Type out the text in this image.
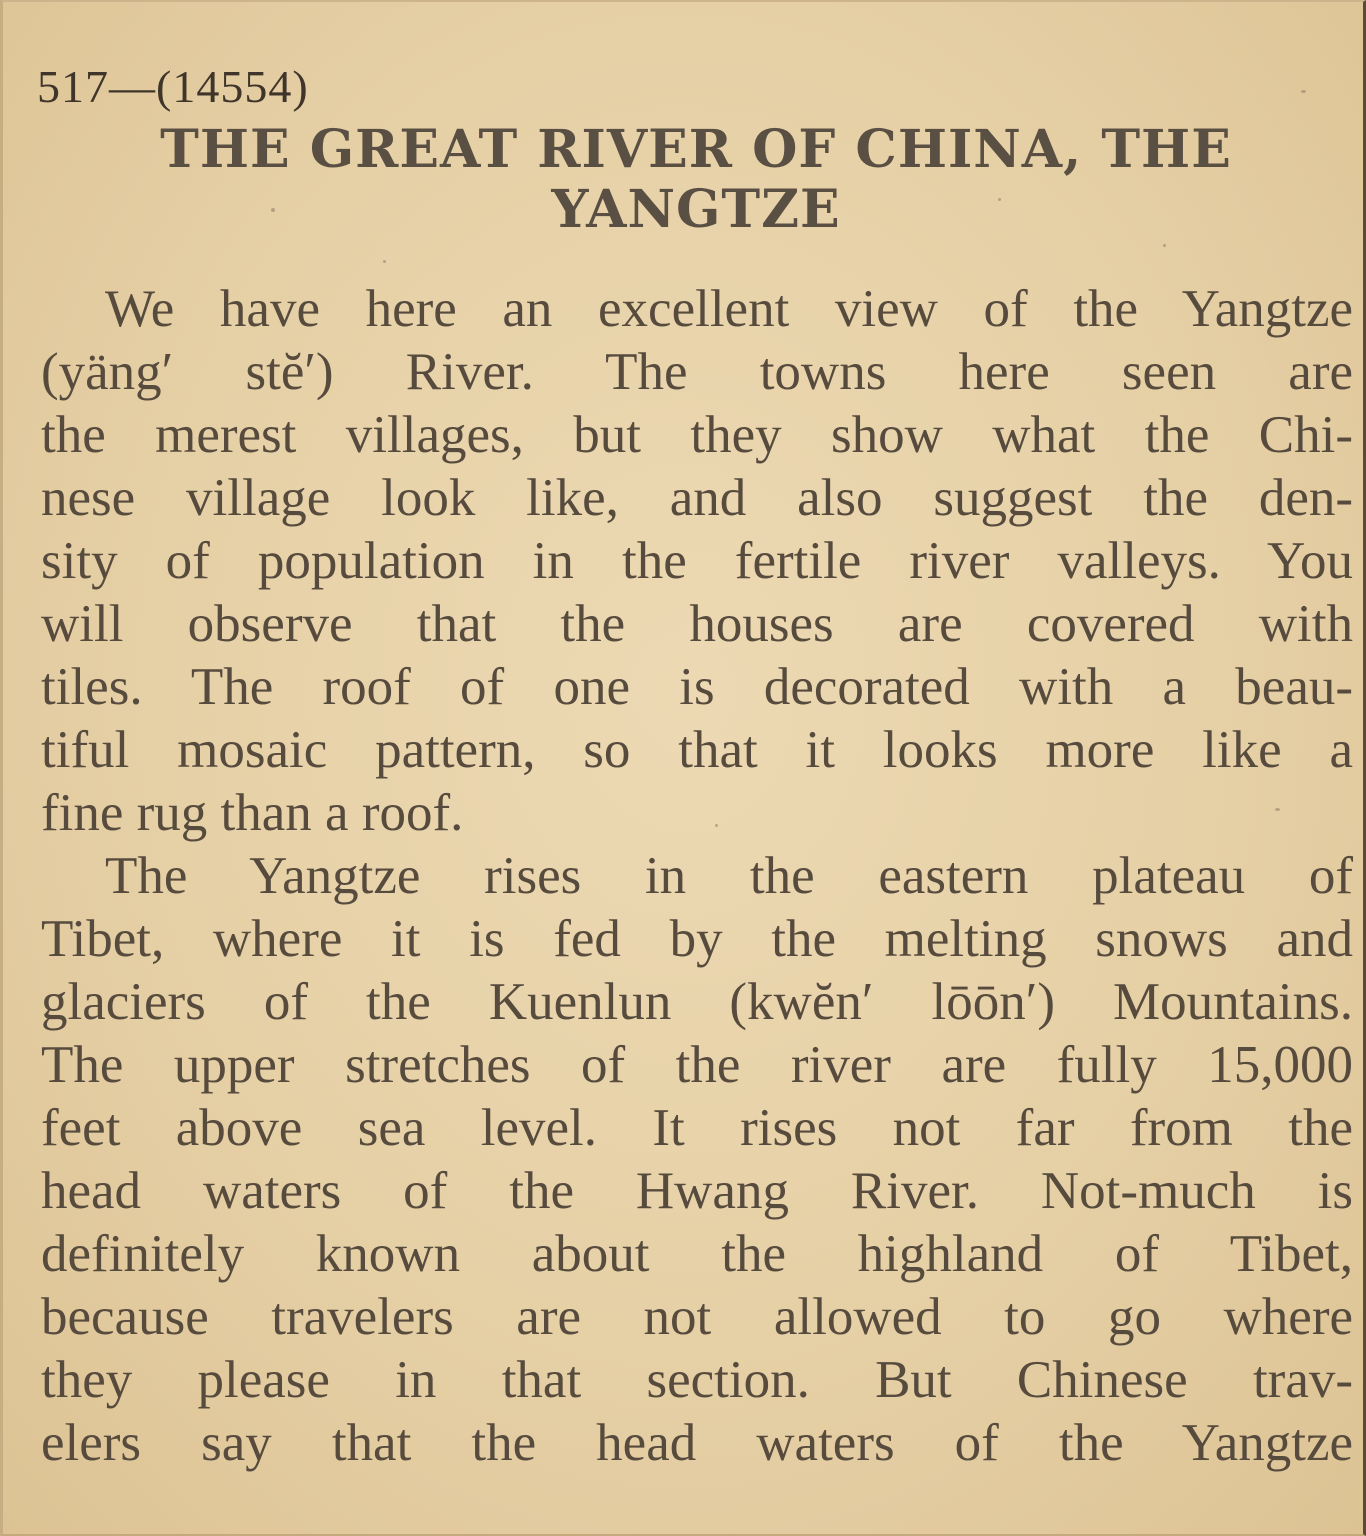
517—(14554)
THE GREAT RIVER OF CHINA, THE
YANGTZE
We have here an excellent view of the Yangtze
(yäng′ stĕ′) River. The towns here seen are
the merest villages, but they show what the Chi-
nese village look like, and also suggest the den-
sity of population in the fertile river valleys. You
will observe that the houses are covered with
tiles. The roof of one is decorated with a beau-
tiful mosaic pattern, so that it looks more like a
fine rug than a roof.
The Yangtze rises in the eastern plateau of
Tibet, where it is fed by the melting snows and
glaciers of the Kuenlun (kwĕn′ lōōn′) Mountains.
The upper stretches of the river are fully 15,000
feet above sea level. It rises not far from the
head waters of the Hwang River. Not-much is
definitely known about the highland of Tibet,
because travelers are not allowed to go where
they please in that section. But Chinese trav-
elers say that the head waters of the Yangtze
